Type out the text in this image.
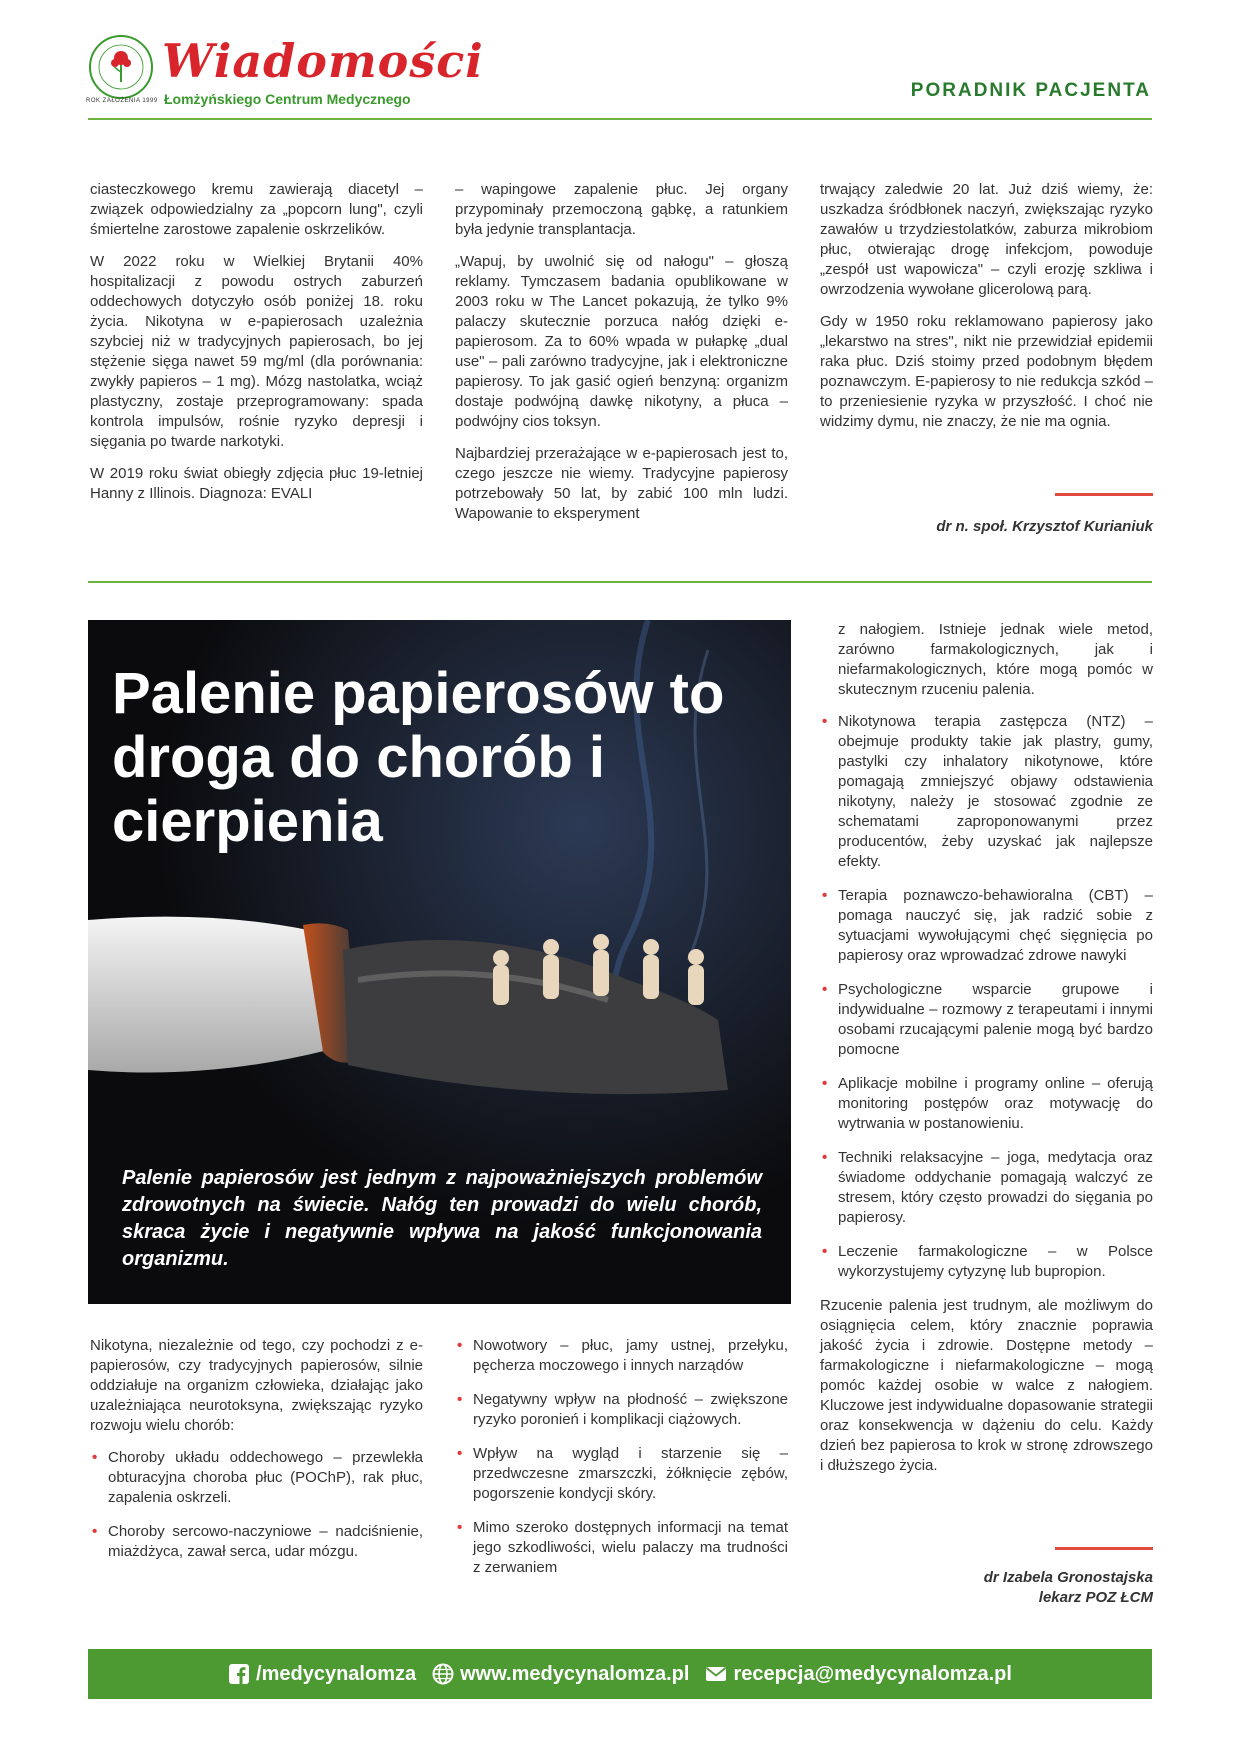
Wiadomości
Łomżyńskiego Centrum Medycznego
ROK ZAŁOŻENIA 1999	PORADNIK PACJENTA

ciasteczkowego kremu zawierają diacetyl – związek odpowiedzialny za „popcorn lung", czyli śmiertelne zarostowe zapalenie oskrzelików.

W 2022 roku w Wielkiej Brytanii 40% hospitalizacji z powodu ostrych zaburzeń oddechowych dotyczyło osób poniżej 18. roku życia. Nikotyna w e-papierosach uzależnia szybciej niż w tradycyjnych papierosach, bo jej stężenie sięga nawet 59 mg/ml (dla porównania: zwykły papieros – 1 mg). Mózg nastolatka, wciąż plastyczny, zostaje przeprogramowany: spada kontrola impulsów, rośnie ryzyko depresji i sięgania po twarde narkotyki.

W 2019 roku świat obiegły zdjęcia płuc 19-letniej Hanny z Illinois. Diagnoza: EVALI

– wapingowe zapalenie płuc. Jej organy przypominały przemoczoną gąbkę, a ratunkiem była jedynie transplantacja.

„Wapuj, by uwolnić się od nałogu" – głoszą reklamy. Tymczasem badania opublikowane w 2003 roku w The Lancet pokazują, że tylko 9% palaczy skutecznie porzuca nałóg dzięki e-papierosom. Za to 60% wpada w pułapkę „dual use" – pali zarówno tradycyjne, jak i elektroniczne papierosy. To jak gasić ogień benzyną: organizm dostaje podwójną dawkę nikotyny, a płuca – podwójny cios toksyn.

Najbardziej przerażające w e-papierosach jest to, czego jeszcze nie wiemy. Tradycyjne papierosy potrzebowały 50 lat, by zabić 100 mln ludzi. Wapowanie to eksperyment

trwający zaledwie 20 lat. Już dziś wiemy, że: uszkadza śródbłonek naczyń, zwiększając ryzyko zawałów u trzydziestolatków, zaburza mikrobiom płuc, otwierając drogę infekcjom, powoduje „zespół ust wapowicza" – czyli erozję szkliwa i owrzodzenia wywołane glicerolową parą.

Gdy w 1950 roku reklamowano papierosy jako „lekarstwo na stres", nikt nie przewidział epidemii raka płuc. Dziś stoimy przed podobnym błędem poznawczym. E-papierosy to nie redukcja szkód – to przeniesienie ryzyka w przyszłość. I choć nie widzimy dymu, nie znaczy, że nie ma ognia.

dr n. społ. Krzysztof Kurianiuk
Palenie papierosów to droga do chorób i cierpienia
Palenie papierosów jest jednym z najpoważniejszych problemów zdrowotnych na świecie. Nałóg ten prowadzi do wielu chorób, skraca życie i negatywnie wpływa na jakość funkcjonowania organizmu.

Nikotyna, niezależnie od tego, czy pochodzi z e-papierosów, czy tradycyjnych papierosów, silnie oddziałuje na organizm człowieka, działając jako uzależniająca neurotoksyna, zwiększając ryzyko rozwoju wielu chorób:

• Choroby układu oddechowego – przewlekła obturacyjna choroba płuc (POChP), rak płuc, zapalenia oskrzeli.
• Choroby sercowo-naczyniowe – nadciśnienie, miażdżyca, zawał serca, udar mózgu.
• Nowotwory – płuc, jamy ustnej, przełyku, pęcherza moczowego i innych narządów
• Negatywny wpływ na płodność – zwiększone ryzyko poronień i komplikacji ciążowych.
• Wpływ na wygląd i starzenie się – przedwczesne zmarszczki, żółknięcie zębów, pogorszenie kondycji skóry.
• Mimo szeroko dostępnych informacji na temat jego szkodliwości, wielu palaczy ma trudności z zerwaniem

z nałogiem. Istnieje jednak wiele metod, zarówno farmakologicznych, jak i niefarmakologicznych, które mogą pomóc w skutecznym rzuceniu palenia.

• Nikotynowa terapia zastępcza (NTZ) – obejmuje produkty takie jak plastry, gumy, pastylki czy inhalatory nikotynowe, które pomagają zmniejszyć objawy odstawienia nikotyny, należy je stosować zgodnie ze schematami zaproponowanymi przez producentów, żeby uzyskać jak najlepsze efekty.
• Terapia poznawczo-behawioralna (CBT) – pomaga nauczyć się, jak radzić sobie z sytuacjami wywołującymi chęć sięgnięcia po papierosy oraz wprowadzać zdrowe nawyki
• Psychologiczne wsparcie grupowe i indywidualne – rozmowy z terapeutami i innymi osobami rzucającymi palenie mogą być bardzo pomocne
• Aplikacje mobilne i programy online – oferują monitoring postępów oraz motywację do wytrwania w postanowieniu.
• Techniki relaksacyjne – joga, medytacja oraz świadome oddychanie pomagają walczyć ze stresem, który często prowadzi do sięgania po papierosy.
• Leczenie farmakologiczne – w Polsce wykorzystujemy cytyzynę lub bupropion.

Rzucenie palenia jest trudnym, ale możliwym do osiągnięcia celem, który znacznie poprawia jakość życia i zdrowie. Dostępne metody – farmakologiczne i niefarmakologiczne – mogą pomóc każdej osobie w walce z nałogiem. Kluczowe jest indywidualne dopasowanie strategii oraz konsekwencja w dążeniu do celu. Każdy dzień bez papierosa to krok w stronę zdrowszego i dłuższego życia.

dr Izabela Gronostajska
lekarz POZ ŁCM
/medycynalomza www.medycynalomza.pl recepcja@medycynalomza.pl
